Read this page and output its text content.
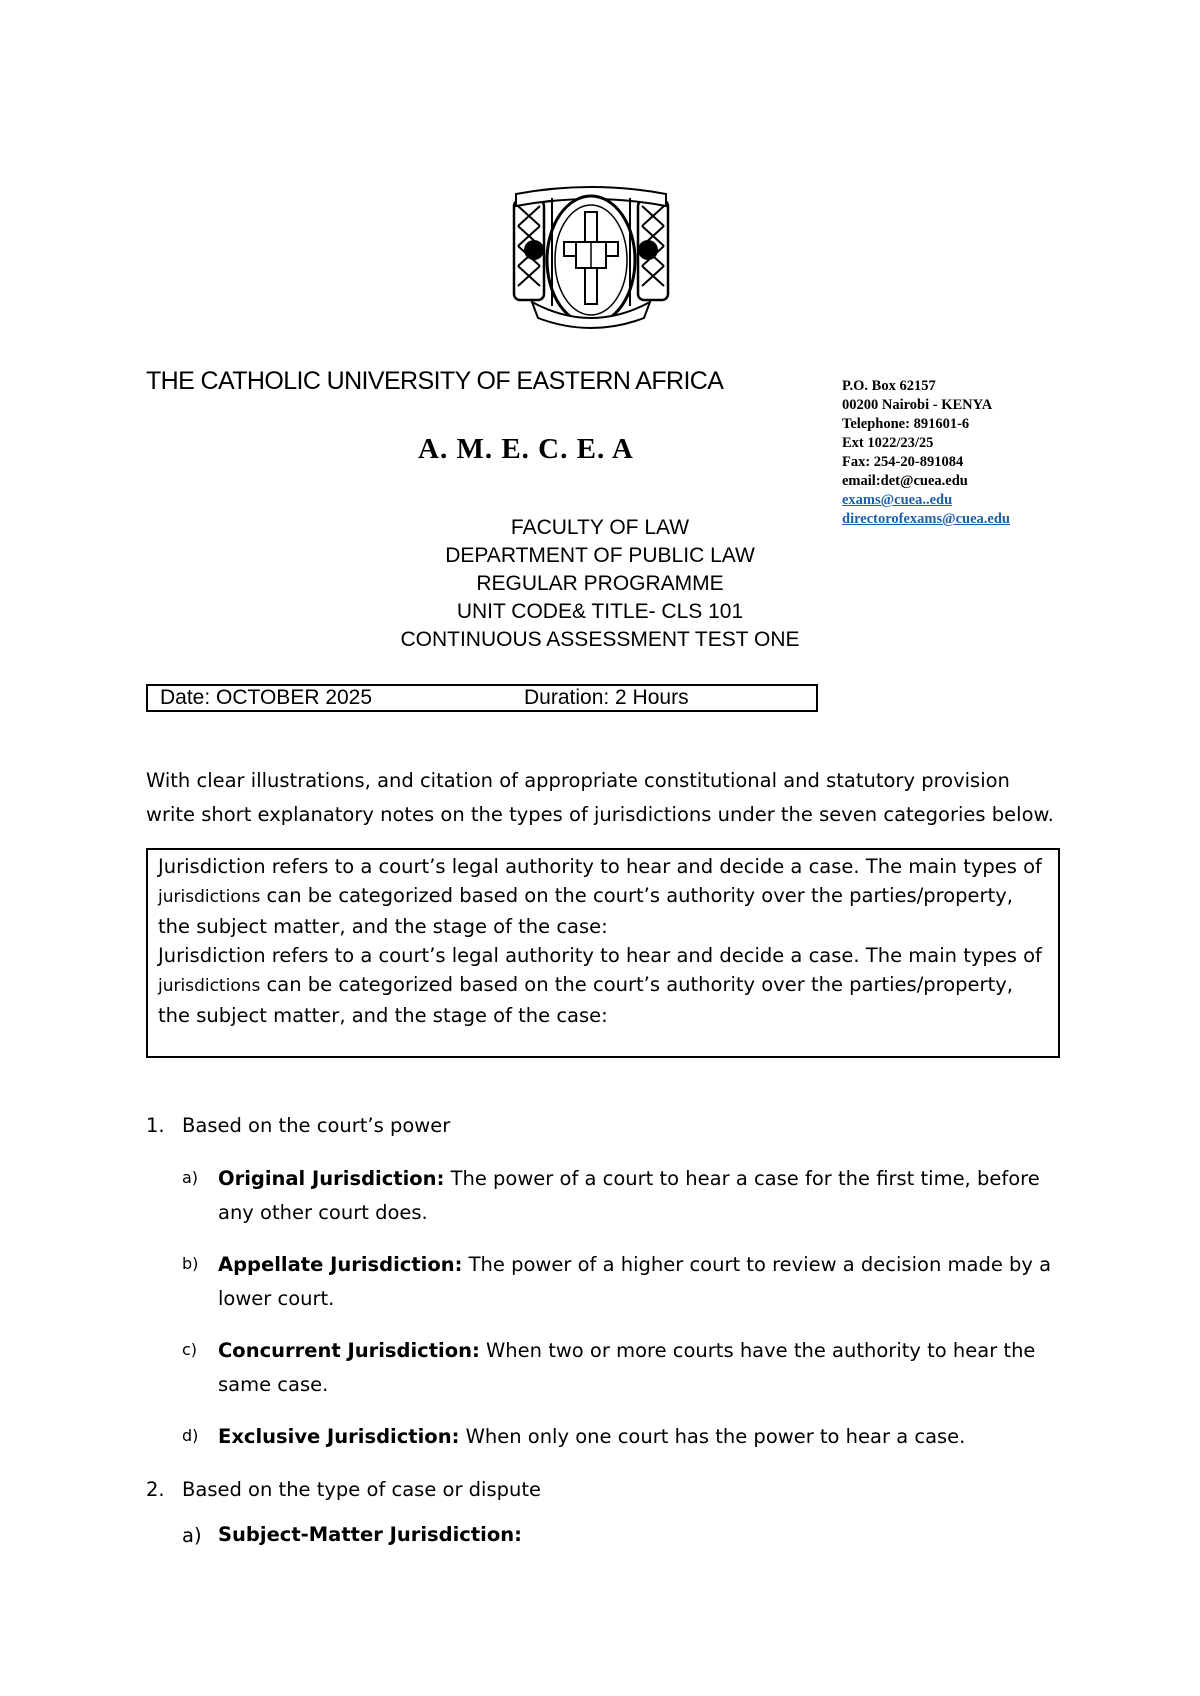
THE CATHOLIC UNIVERSITY OF EASTERN AFRICA
A. M. E. C. E. A
FACULTY OF LAW
DEPARTMENT OF PUBLIC LAW
REGULAR PROGRAMME
UNIT CODE& TITLE- CLS 101
CONTINUOUS ASSESSMENT TEST ONE
P.O. Box 62157
00200 Nairobi - KENYA
Telephone: 891601-6
Ext 1022/23/25
Fax: 254-20-891084
email:det@cuea.edu
exams@cuea..edu
directorofexams@cuea.edu
Date: OCTOBER 2025	Duration: 2 Hours
With clear illustrations, and citation of appropriate constitutional and statutory provision
write short explanatory notes on the types of jurisdictions under the seven categories below.
Jurisdiction refers to a court’s legal authority to hear and decide a case. The main types of
jurisdictions can be categorized based on the court’s authority over the parties/property,
the subject matter, and the stage of the case:
Jurisdiction refers to a court’s legal authority to hear and decide a case. The main types of
jurisdictions can be categorized based on the court’s authority over the parties/property,
the subject matter, and the stage of the case:
1. Based on the court’s power
a) Original Jurisdiction: The power of a court to hear a case for the first time, before
any other court does.
b) Appellate Jurisdiction: The power of a higher court to review a decision made by a
lower court.
c) Concurrent Jurisdiction: When two or more courts have the authority to hear the
same case.
d) Exclusive Jurisdiction: When only one court has the power to hear a case.
2. Based on the type of case or dispute
a) Subject-Matter Jurisdiction:
